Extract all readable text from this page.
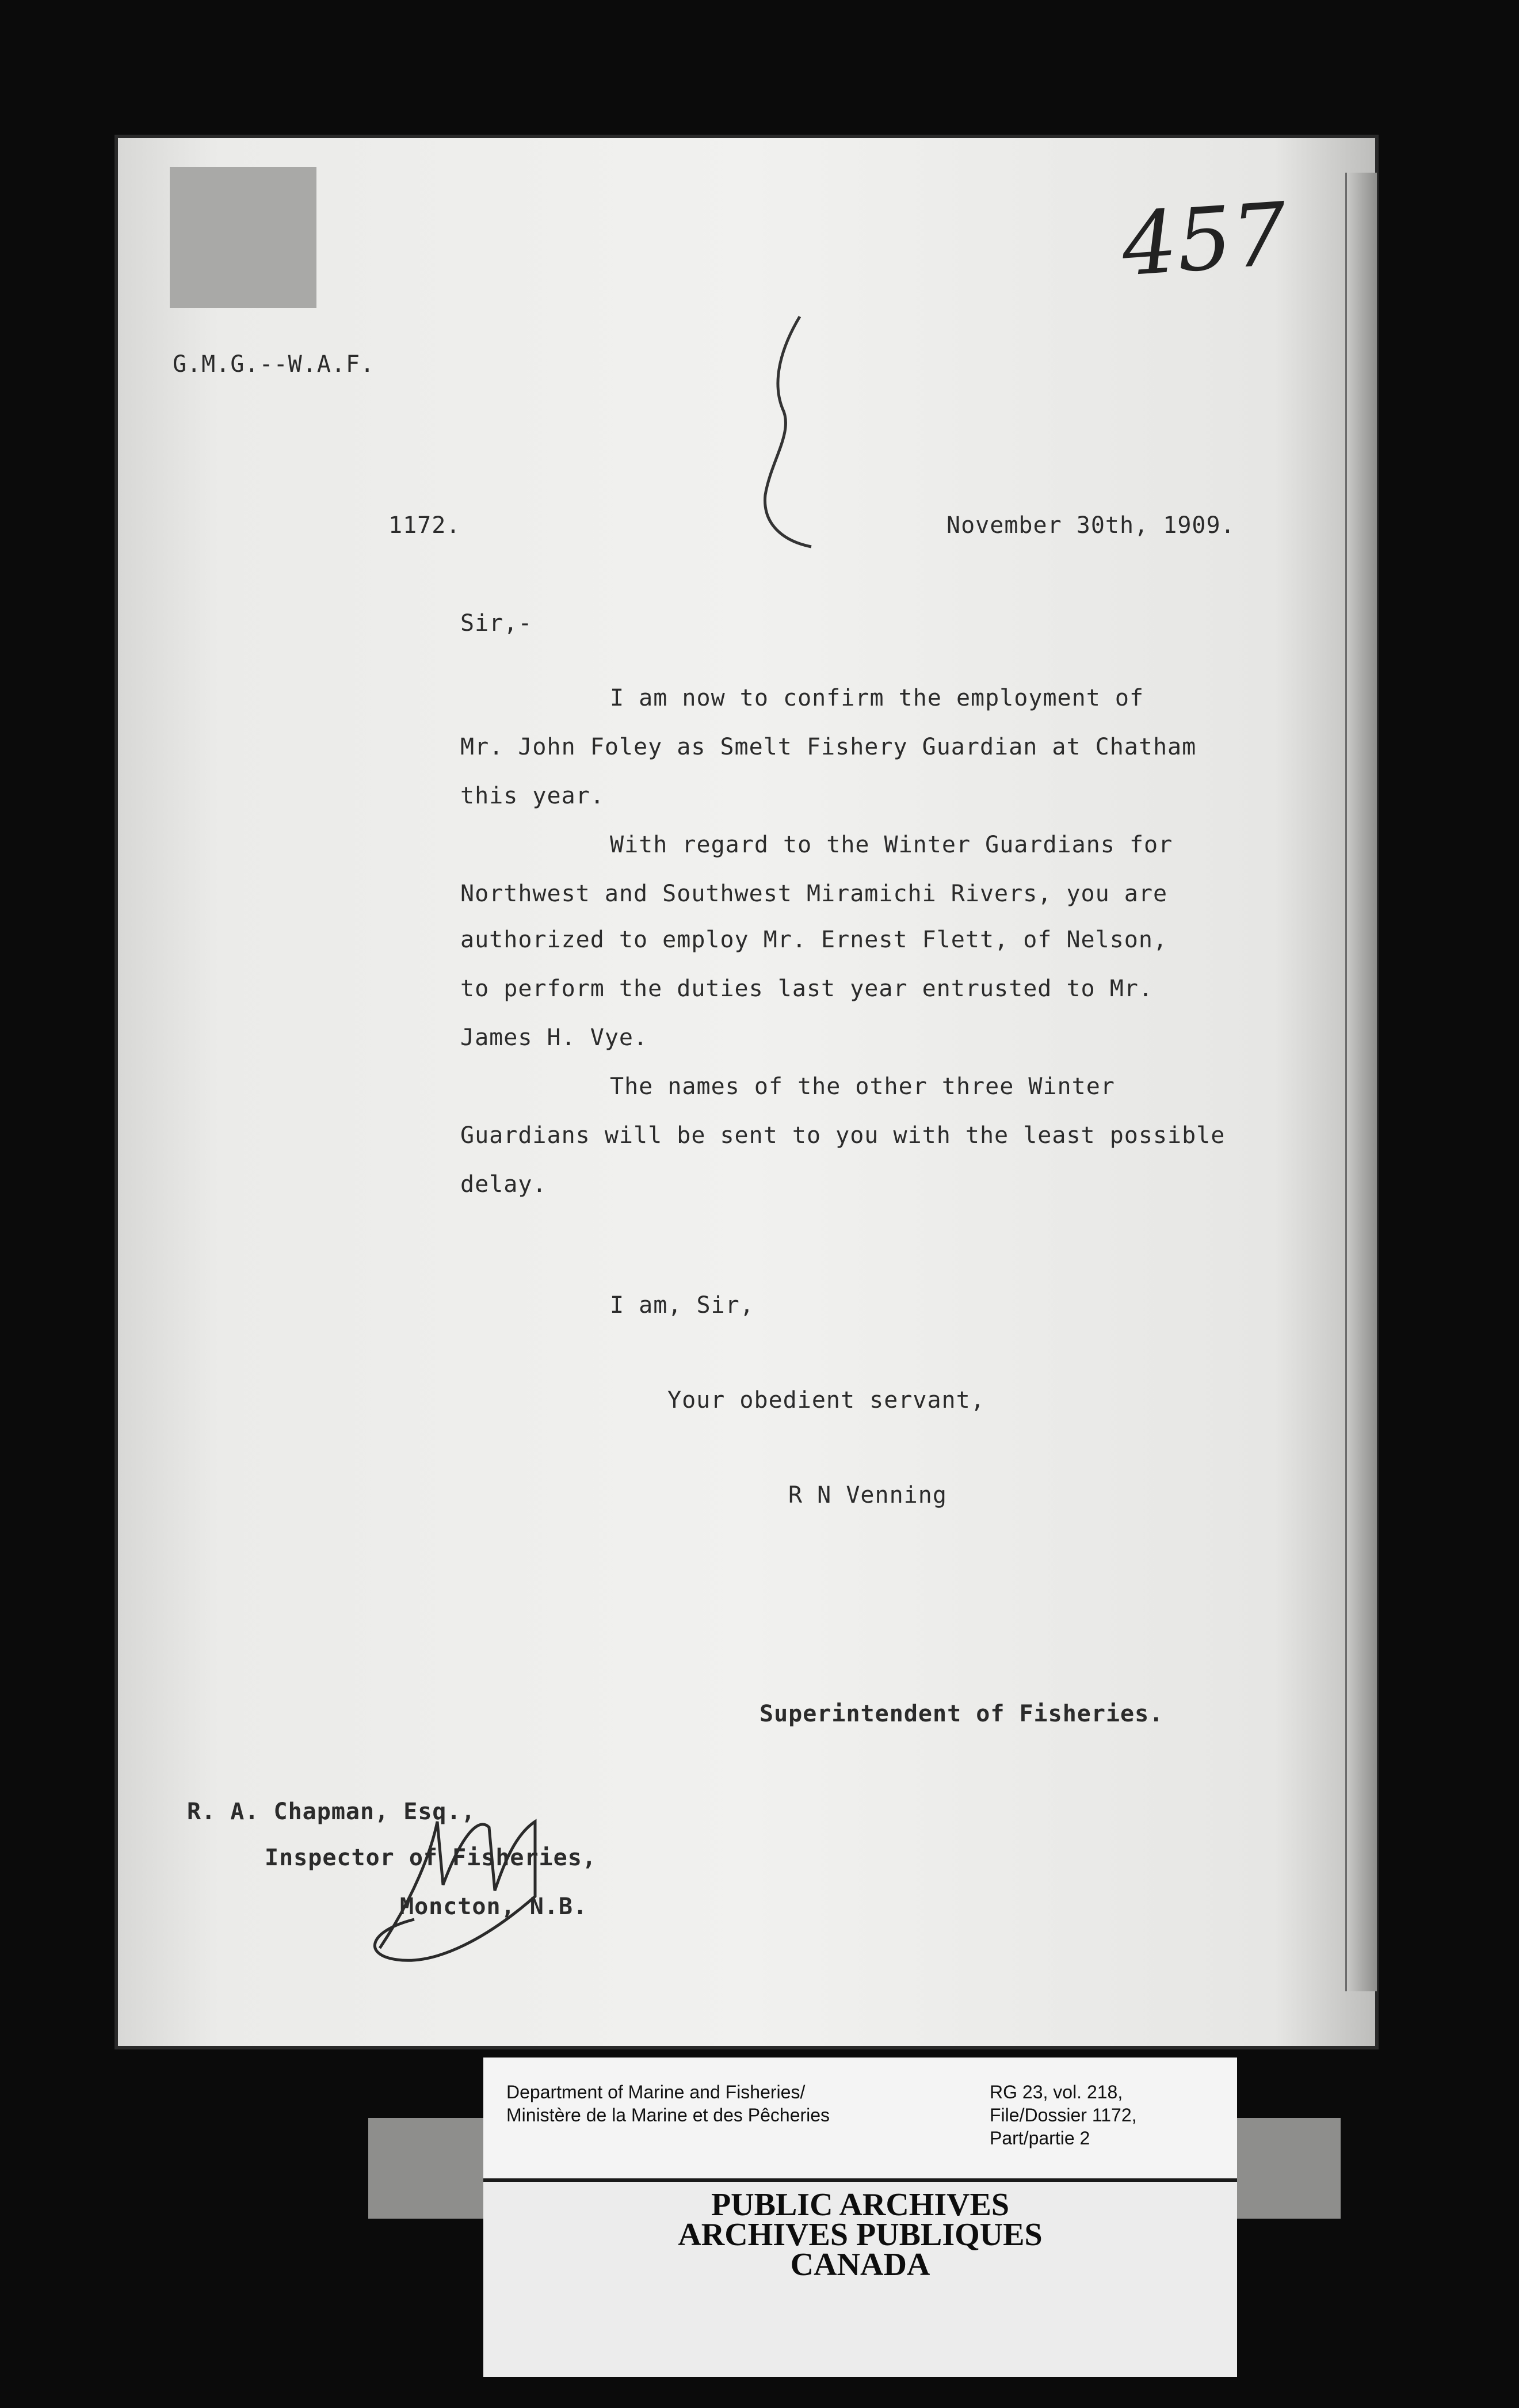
457
G.M.G.--W.A.F.
1172.	November 30th, 1909.
Sir,-
I am now to confirm the employment of
Mr. John Foley as Smelt Fishery Guardian at Chatham
this year.
With regard to the Winter Guardians for
Northwest and Southwest Miramichi Rivers, you are
authorized to employ Mr. Ernest Flett, of Nelson,
to perform the duties last year entrusted to Mr.
James H. Vye.
The names of the other three Winter
Guardians will be sent to you with the least possible
delay.
I am, Sir,
Your obedient servant,
R N Venning
Superintendent of Fisheries.
R. A. Chapman, Esq.,
Inspector of Fisheries,
Moncton, N.B.
Department of Marine and Fisheries/
Ministère de la Marine et des Pêcheries
RG 23, vol. 218,
File/Dossier 1172,
Part/partie 2
PUBLIC ARCHIVES
ARCHIVES PUBLIQUES
CANADA
